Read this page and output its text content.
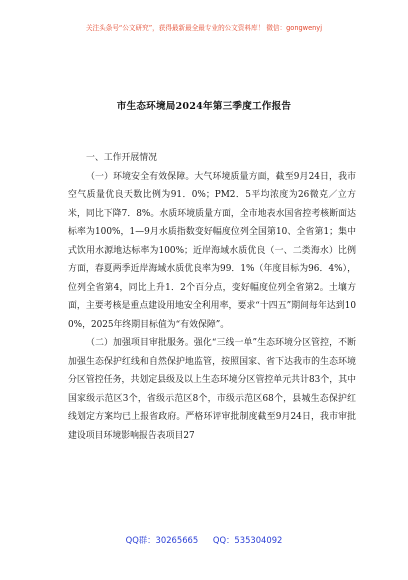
关注头条号“公文研究”，获得最新最全最专业的公文资料库！ 微信：gongwenyj
市生态环境局2024年第三季度工作报告

一、工作开展情况

（一）环境安全有效保障。大气环境质量方面，截至9月24日，我市空气质量优良天数比例为91．0%；PM2．5平均浓度为26微克／立方米，同比下降7．8%。水质环境质量方面，全市地表水国省控考核断面达标率为100%，1—9月水质指数变好幅度位列全国第10、全省第1；集中式饮用水源地达标率为100%；近岸海域水质优良（一、二类海水）比例方面，春夏两季近岸海域水质优良率为99．1%（年度目标为96．4%），位列全省第4，同比上升1．2个百分点，变好幅度位列全省第2。土壤方面，主要考核是重点建设用地安全利用率，要求“十四五”期间每年达到100%，2025年终期目标值为“有效保障”。

（二）加强项目审批服务。强化“三线一单”生态环境分区管控，不断加强生态保护红线和自然保护地监管，按照国家、省下达我市的生态环境分区管控任务，共划定县级及以上生态环境分区管控单元共计83个，其中国家级示范区3个，省级示范区8个，市级示范区68个，县城生态保护红线划定方案均已上报省政府。严格环评审批制度截至9月24日，我市审批建设项目环境影响报告表项目27

QQ群：30265665 QQ：535304092
